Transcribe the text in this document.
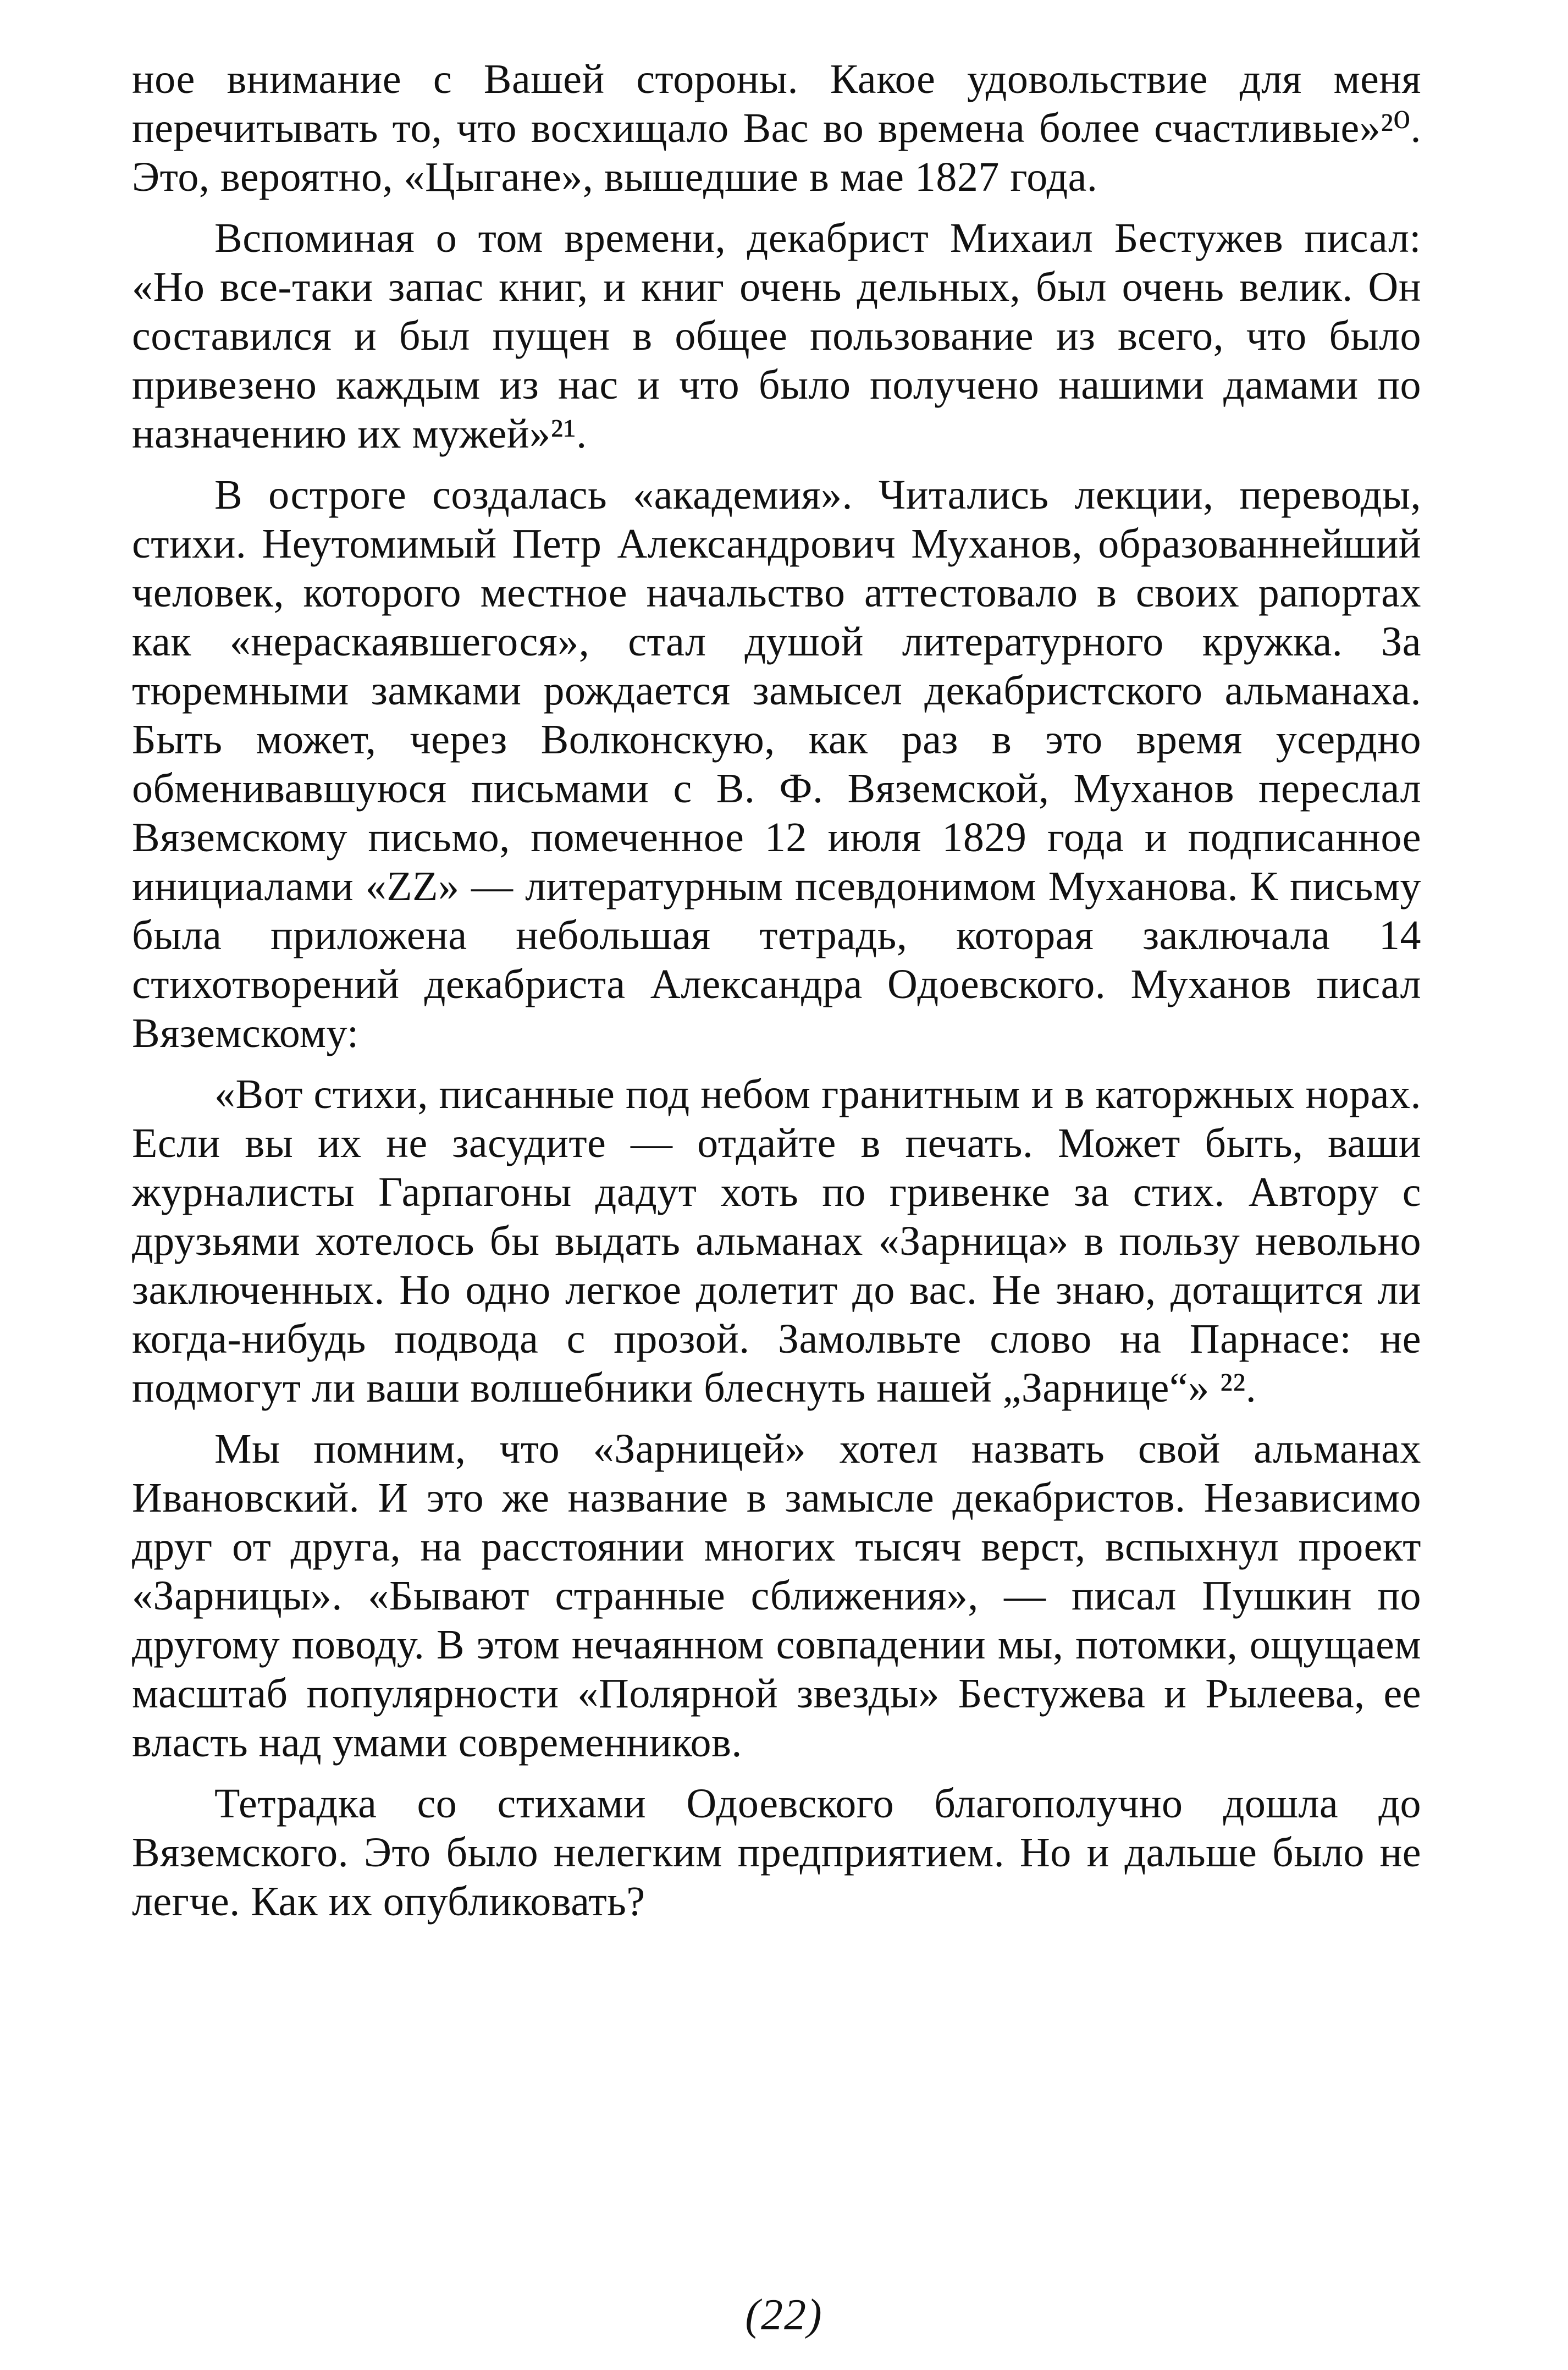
ное внимание с Вашей стороны. Какое удовольствие для меня перечитывать то, что восхищало Вас во времена более счастливые»²⁰. Это, вероятно, «Цыгане», вышедшие в мае 1827 года.

Вспоминая о том времени, декабрист Михаил Бестужев писал: «Но все-таки запас книг, и книг очень дельных, был очень велик. Он составился и был пущен в общее пользование из всего, что было привезено каждым из нас и что было получено нашими дамами по назначению их мужей»²¹.

В остроге создалась «академия». Читались лекции, переводы, стихи. Неутомимый Петр Александрович Муханов, образованнейший человек, которого местное начальство аттестовало в своих рапортах как «нераскаявшегося», стал душой литературного кружка. За тюремными замками рождается замысел декабристского альманаха. Быть может, через Волконскую, как раз в это время усердно обменивавшуюся письмами с В. Ф. Вяземской, Муханов переслал Вяземскому письмо, помеченное 12 июля 1829 года и подписанное инициалами «ZZ» — литературным псевдонимом Муханова. К письму была приложена небольшая тетрадь, которая заключала 14 стихотворений декабриста Александра Одоевского. Муханов писал Вяземскому:

«Вот стихи, писанные под небом гранитным и в каторжных норах. Если вы их не засудите — отдайте в печать. Может быть, ваши журналисты Гарпагоны дадут хоть по гривенке за стих. Автору с друзьями хотелось бы выдать альманах «Зарница» в пользу невольно заключенных. Но одно легкое долетит до вас. Не знаю, дотащится ли когда-нибудь подвода с прозой. Замолвьте слово на Парнасе: не подмогут ли ваши волшебники блеснуть нашей „Зарнице“» ²².

Мы помним, что «Зарницей» хотел назвать свой альманах Ивановский. И это же название в замысле декабристов. Независимо друг от друга, на расстоянии многих тысяч верст, вспыхнул проект «Зарницы». «Бывают странные сближения», — писал Пушкин по другому поводу. В этом нечаянном совпадении мы, потомки, ощущаем масштаб популярности «Полярной звезды» Бестужева и Рылеева, ее власть над умами современников.

Тетрадка со стихами Одоевского благополучно дошла до Вяземского. Это было нелегким предприятием. Но и дальше было не легче. Как их опубликовать?

(22)
